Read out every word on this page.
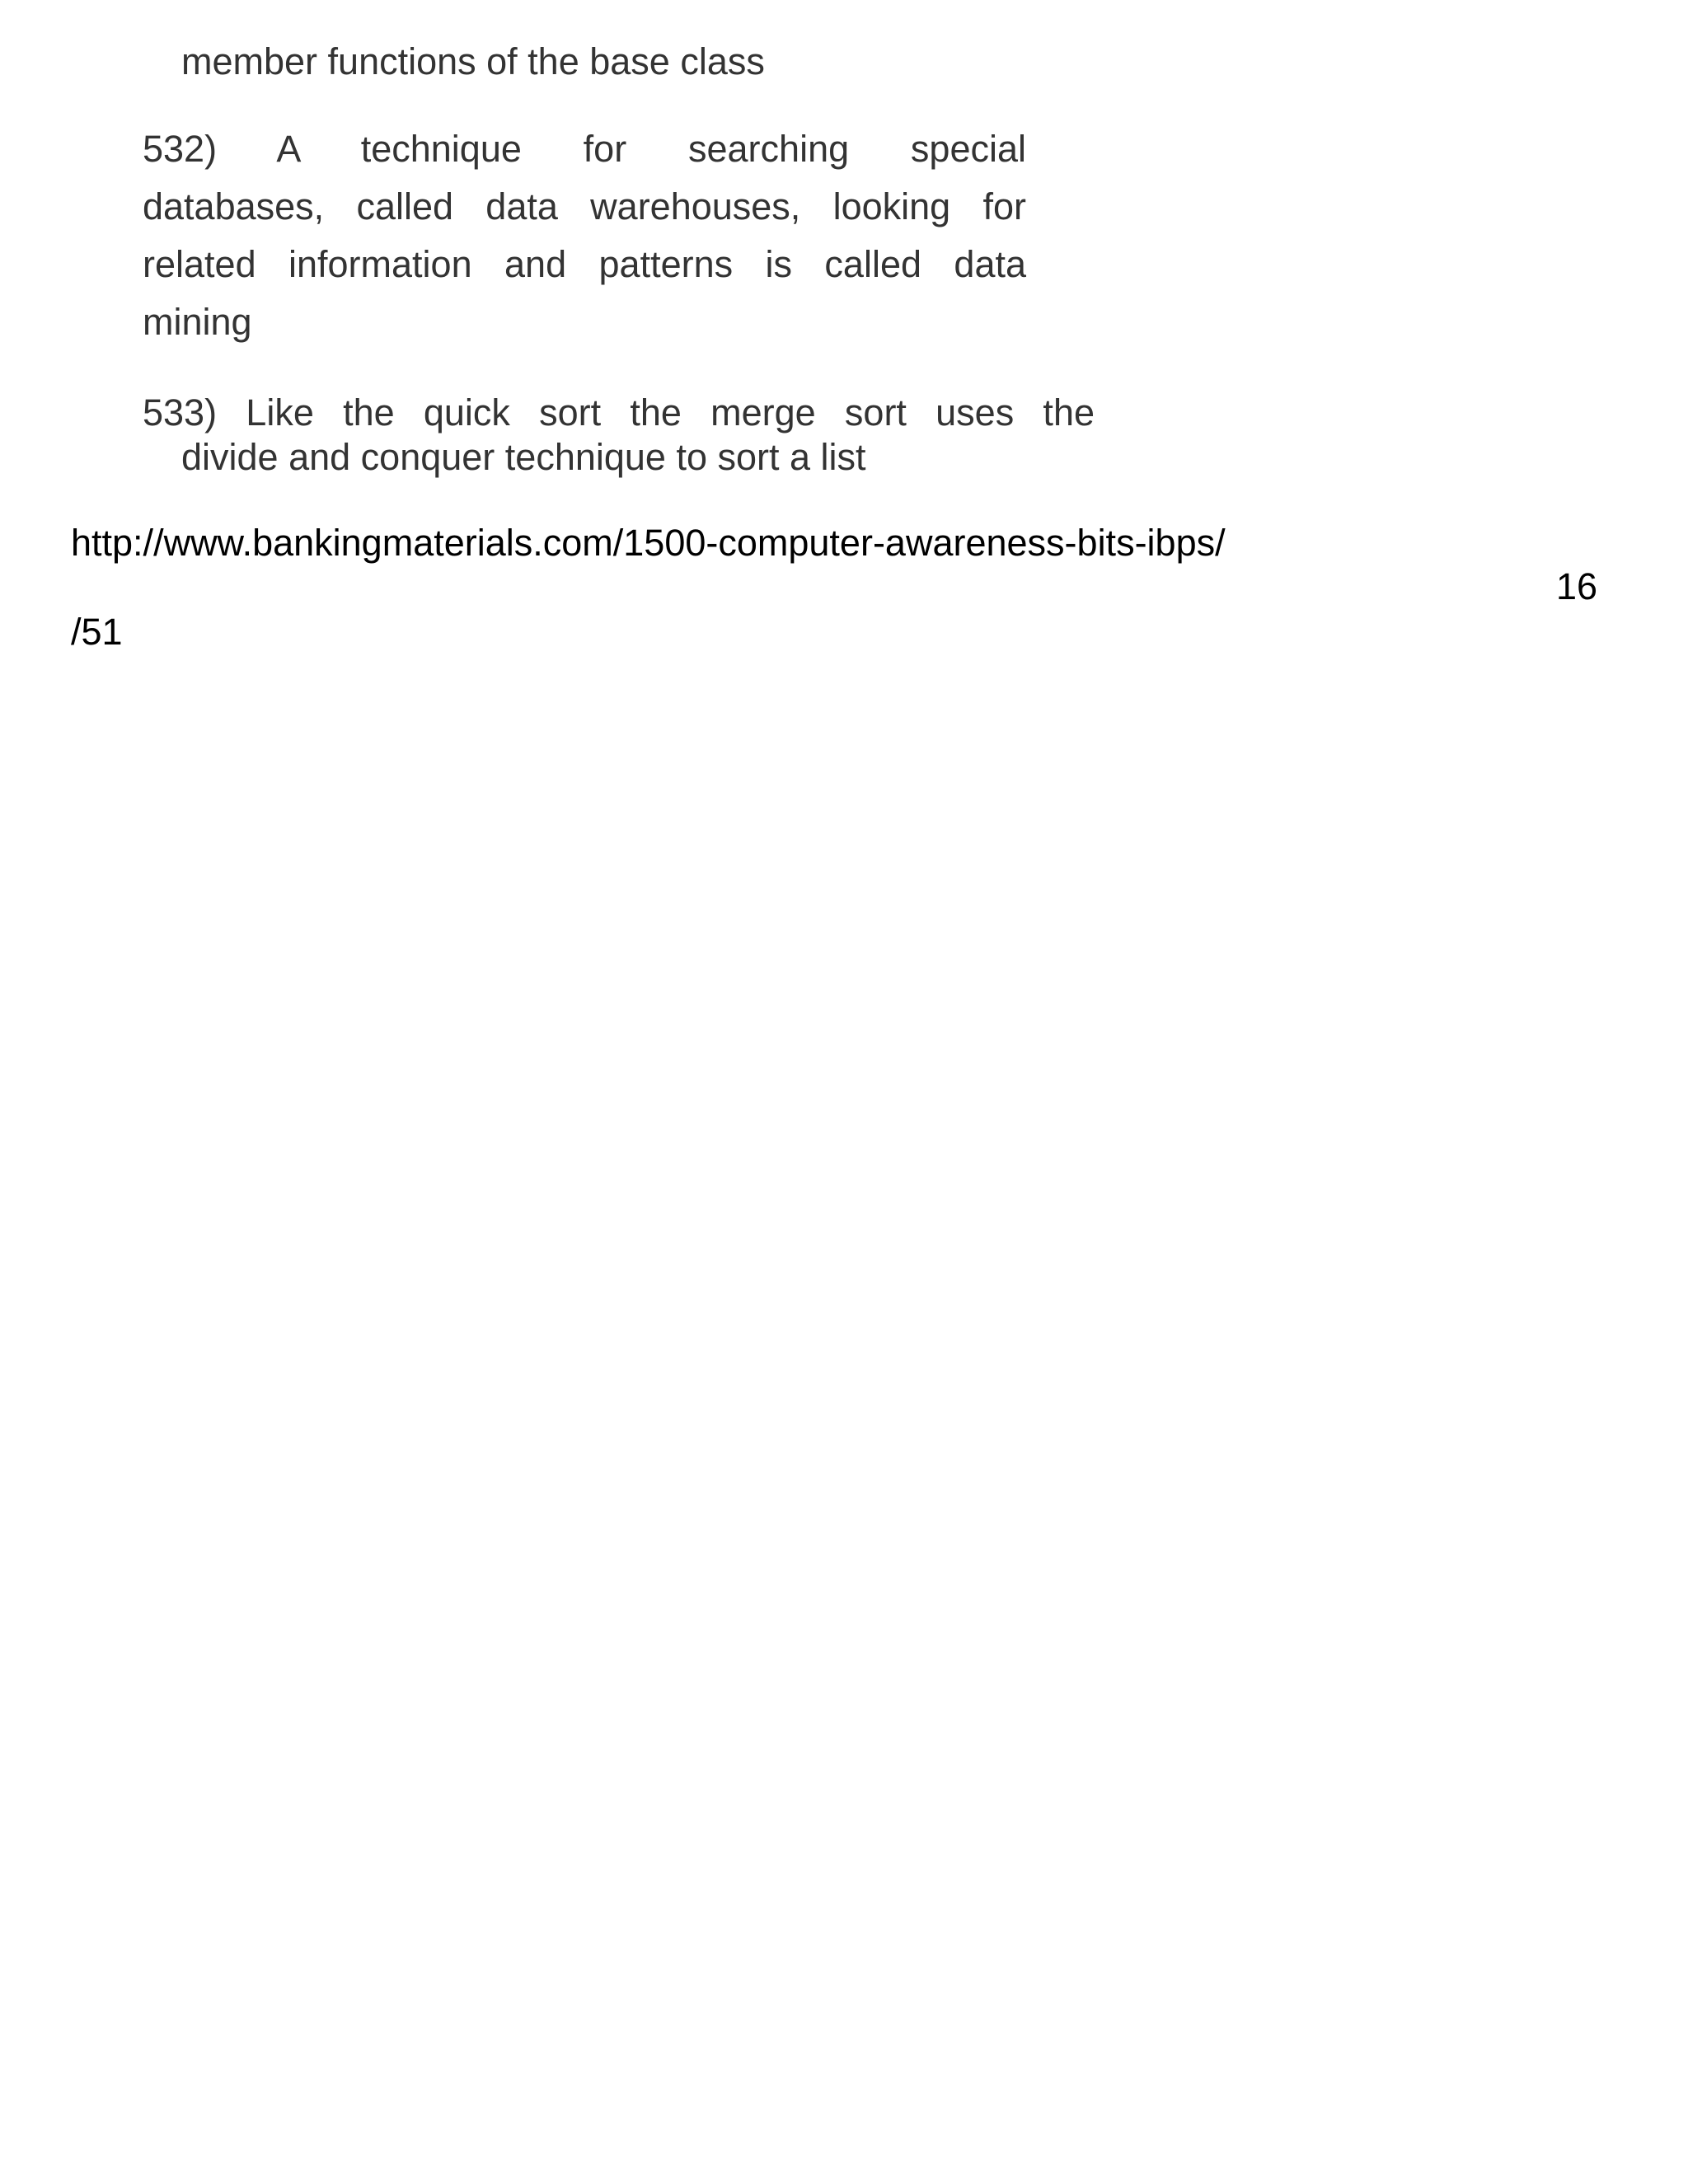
member functions of the base class
532) A technique for searching special
databases, called data warehouses, looking for
related information and patterns is called data
mining
533) Like the quick sort the merge sort uses the
divide and conquer technique to sort a list
http://www.bankingmaterials.com/1500-computer-awareness-bits-ibps/
16
/51
